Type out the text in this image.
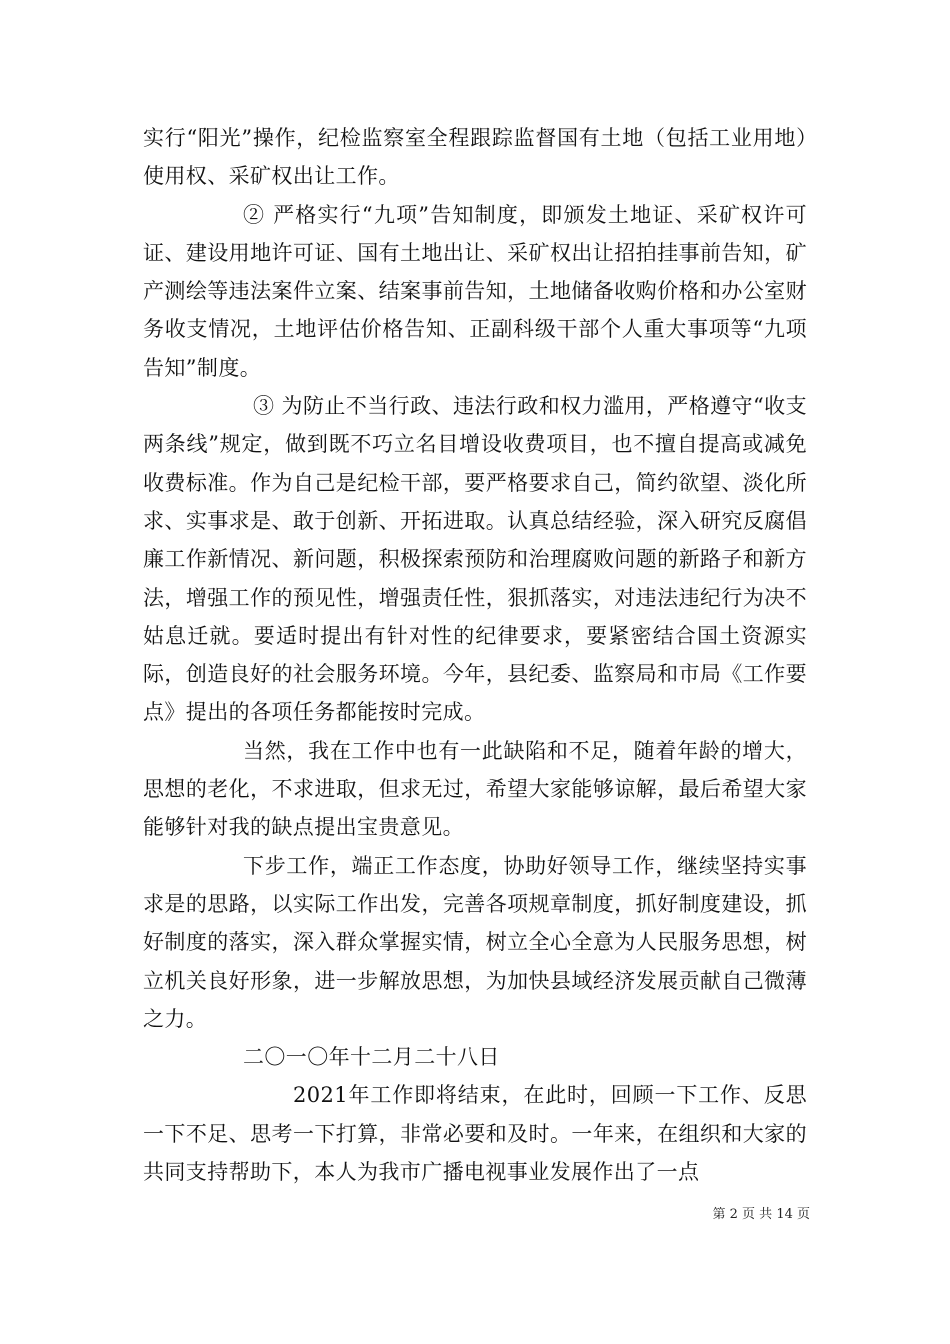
实行“阳光”操作，纪检监察室全程跟踪监督国有土地（包括工业用地）使用权、采矿权出让工作。

② 严格实行“九项”告知制度，即颁发土地证、采矿权许可证、建设用地许可证、国有土地出让、采矿权出让招拍挂事前告知，矿产测绘等违法案件立案、结案事前告知，土地储备收购价格和办公室财务收支情况，土地评估价格告知、正副科级干部个人重大事项等“九项告知”制度。

③ 为防止不当行政、违法行政和权力滥用，严格遵守“收支两条线”规定，做到既不巧立名目增设收费项目，也不擅自提高或减免收费标准。作为自己是纪检干部，要严格要求自己，简约欲望、淡化所求、实事求是、敢于创新、开拓进取。认真总结经验，深入研究反腐倡廉工作新情况、新问题，积极探索预防和治理腐败问题的新路子和新方法，增强工作的预见性，增强责任性，狠抓落实，对违法违纪行为决不姑息迁就。要适时提出有针对性的纪律要求，要紧密结合国土资源实际，创造良好的社会服务环境。今年，县纪委、监察局和市局《工作要点》提出的各项任务都能按时完成。

当然，我在工作中也有一此缺陷和不足，随着年龄的增大，思想的老化，不求进取，但求无过，希望大家能够谅解，最后希望大家能够针对我的缺点提出宝贵意见。

下步工作，端正工作态度，协助好领导工作，继续坚持实事求是的思路，以实际工作出发，完善各项规章制度，抓好制度建设，抓好制度的落实，深入群众掌握实情，树立全心全意为人民服务思想，树立机关良好形象，进一步解放思想，为加快县域经济发展贡献自己微薄之力。

二〇一〇年十二月二十八日

2021年工作即将结束，在此时，回顾一下工作、反思一下不足、思考一下打算，非常必要和及时。一年来，在组织和大家的共同支持帮助下，本人为我市广播电视事业发展作出了一点

第 2 页 共 14 页
